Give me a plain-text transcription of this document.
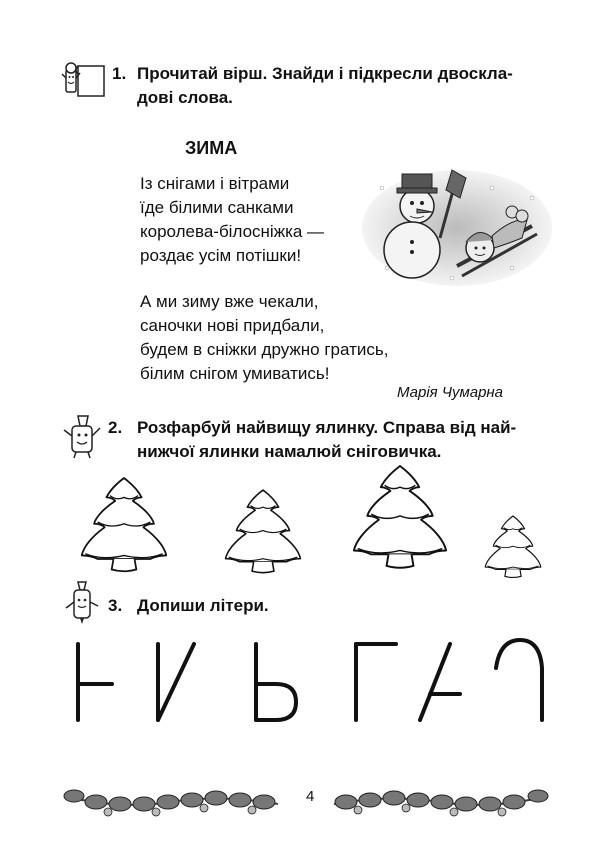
1. Прочитай вірш. Знайди і підкресли двоскла-
дові слова.
ЗИМА
Із снігами і вітрами
їде білими санками
королева-білосніжка —
роздає усім потішки!
А ми зиму вже чекали,
саночки нові придбали,
будем в сніжки дружно гратись,
білим снігом умиватись!
Марія Чумарна
2. Розфарбуй найвищу ялинку. Справа від най-
нижчої ялинки намалюй сніговичка.
3. Допиши літери.
4
